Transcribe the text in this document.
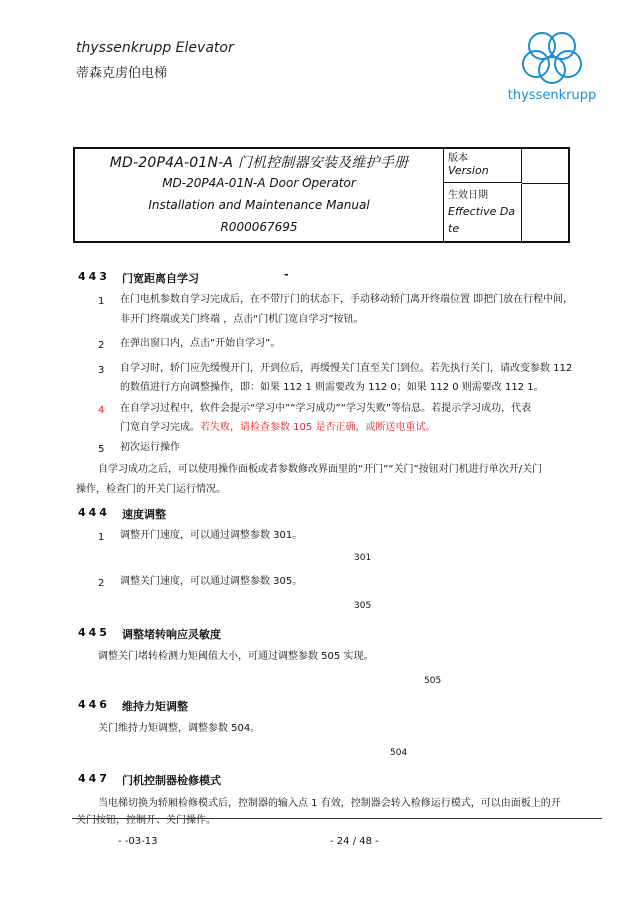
thyssenkrupp Elevator
蒂森克虏伯电梯
thyssenkrupp
MD-20P4A-01N-A 门机控制器安装及维护手册
MD-20P4A-01N-A Door Operator
Installation and Maintenance Manual
R000067695
版本
Version
生效日期
Effective Da
te
443 门宽距离自学习	-
1 在门电机参数自学习完成后，在不带厅门的状态下，手动移动轿门离开终端位置 即把门放在行程中间，
非开门终端或关门终端 ，点击“门机门宽自学习”按钮。
2 在弹出窗口内，点击“开始自学习”。
3 自学习时，轿门应先缓慢开门，开到位后，再缓慢关门直至关门到位。若先执行关门，请改变参数 112
的数值进行方向调整操作，即：如果 112 1 则需要改为 112 0；如果 112 0 则需要改 112 1。
4 在自学习过程中，软件会提示“学习中”“学习成功”“学习失败”等信息。若提示学习成功，代表
门宽自学习完成。若失败，请检查参数 105 是否正确，或断送电重试。
5 初次运行操作
自学习成功之后，可以使用操作面板或者参数修改界面里的“开门”“关门”按钮对门机进行单次开/关门
操作，检查门的开关门运行情况。
444 速度调整
1 调整开门速度，可以通过调整参数 301。
301
2 调整关门速度，可以通过调整参数 305。
305
445 调整堵转响应灵敏度
调整关门堵转检测力矩阈值大小，可通过调整参数 505 实现。
505
446 维持力矩调整
关门维持力矩调整，调整参数 504。
504
447 门机控制器检修模式
当电梯切换为轿厢检修模式后，控制器的输入点 1 有效，控制器会转入检修运行模式，可以由面板上的开
关门按钮，控制开、关门操作。
- -03-13	- 24 / 48 -
